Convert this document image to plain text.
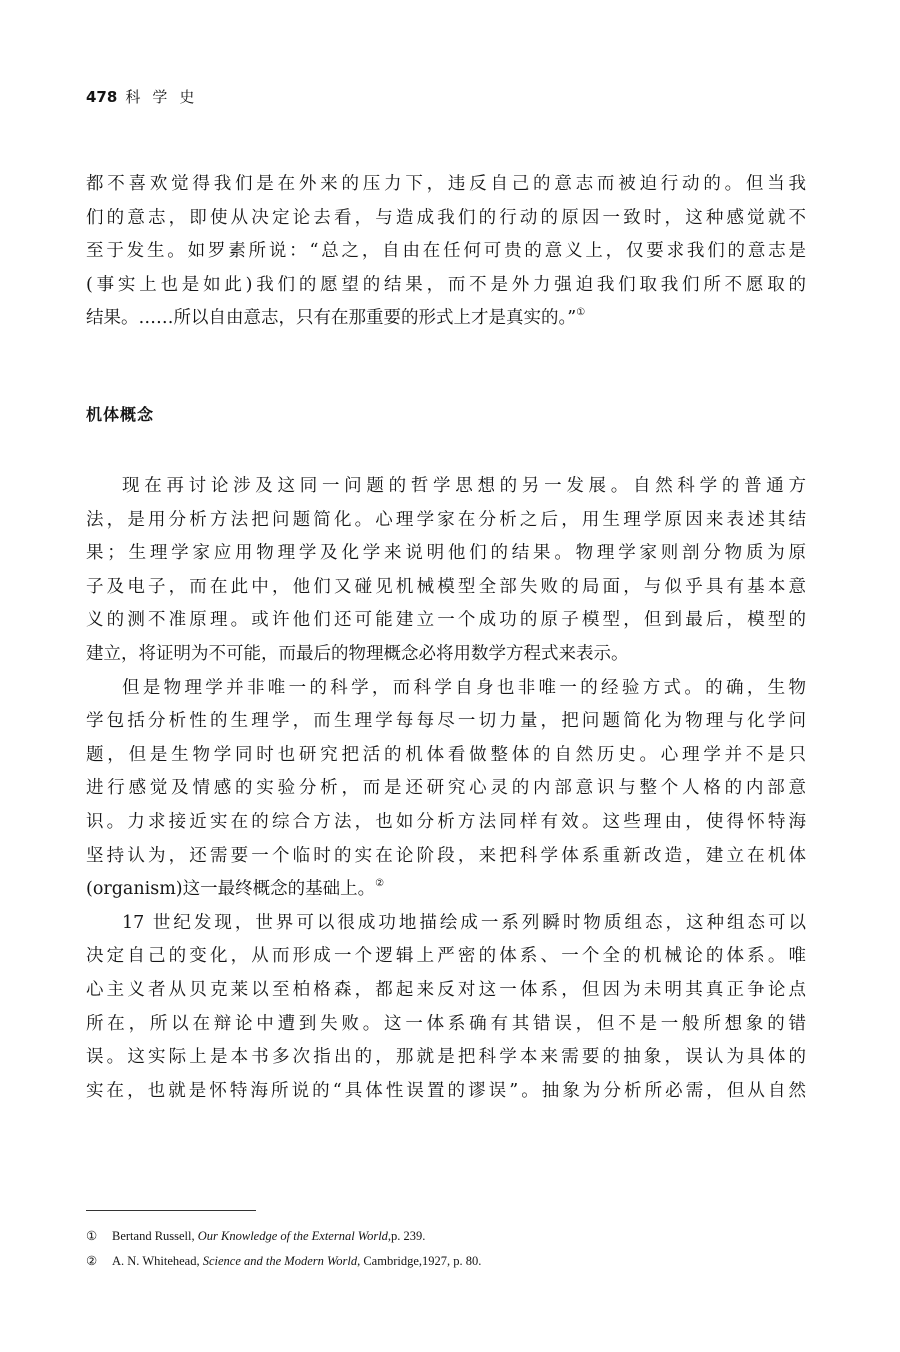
478 科学史
都不喜欢觉得我们是在外来的压力下，违反自己的意志而被迫行动的。但当我
们的意志，即使从决定论去看，与造成我们的行动的原因一致时，这种感觉就不
至于发生。如罗素所说：“总之，自由在任何可贵的意义上，仅要求我们的意志是
(事实上也是如此)我们的愿望的结果，而不是外力强迫我们取我们所不愿取的
结果。……所以自由意志，只有在那重要的形式上才是真实的。”①
机体概念
现在再讨论涉及这同一问题的哲学思想的另一发展。自然科学的普通方
法，是用分析方法把问题简化。心理学家在分析之后，用生理学原因来表述其结
果；生理学家应用物理学及化学来说明他们的结果。物理学家则剖分物质为原
子及电子，而在此中，他们又碰见机械模型全部失败的局面，与似乎具有基本意
义的测不准原理。或许他们还可能建立一个成功的原子模型，但到最后，模型的
建立，将证明为不可能，而最后的物理概念必将用数学方程式来表示。
但是物理学并非唯一的科学，而科学自身也非唯一的经验方式。的确，生物
学包括分析性的生理学，而生理学每每尽一切力量，把问题简化为物理与化学问
题，但是生物学同时也研究把活的机体看做整体的自然历史。心理学并不是只
进行感觉及情感的实验分析，而是还研究心灵的内部意识与整个人格的内部意
识。力求接近实在的综合方法，也如分析方法同样有效。这些理由，使得怀特海
坚持认为，还需要一个临时的实在论阶段，来把科学体系重新改造，建立在机体
(organism)这一最终概念的基础上。②
17 世纪发现，世界可以很成功地描绘成一系列瞬时物质组态，这种组态可以
决定自己的变化，从而形成一个逻辑上严密的体系、一个全的机械论的体系。唯
心主义者从贝克莱以至柏格森，都起来反对这一体系，但因为未明其真正争论点
所在，所以在辩论中遭到失败。这一体系确有其错误，但不是一般所想象的错
误。这实际上是本书多次指出的，那就是把科学本来需要的抽象，误认为具体的
实在，也就是怀特海所说的“具体性误置的谬误”。抽象为分析所必需，但从自然
① Bertand Russell, Our Knowledge of the External World,p. 239.
② A. N. Whitehead, Science and the Modern World, Cambridge,1927, p. 80.
